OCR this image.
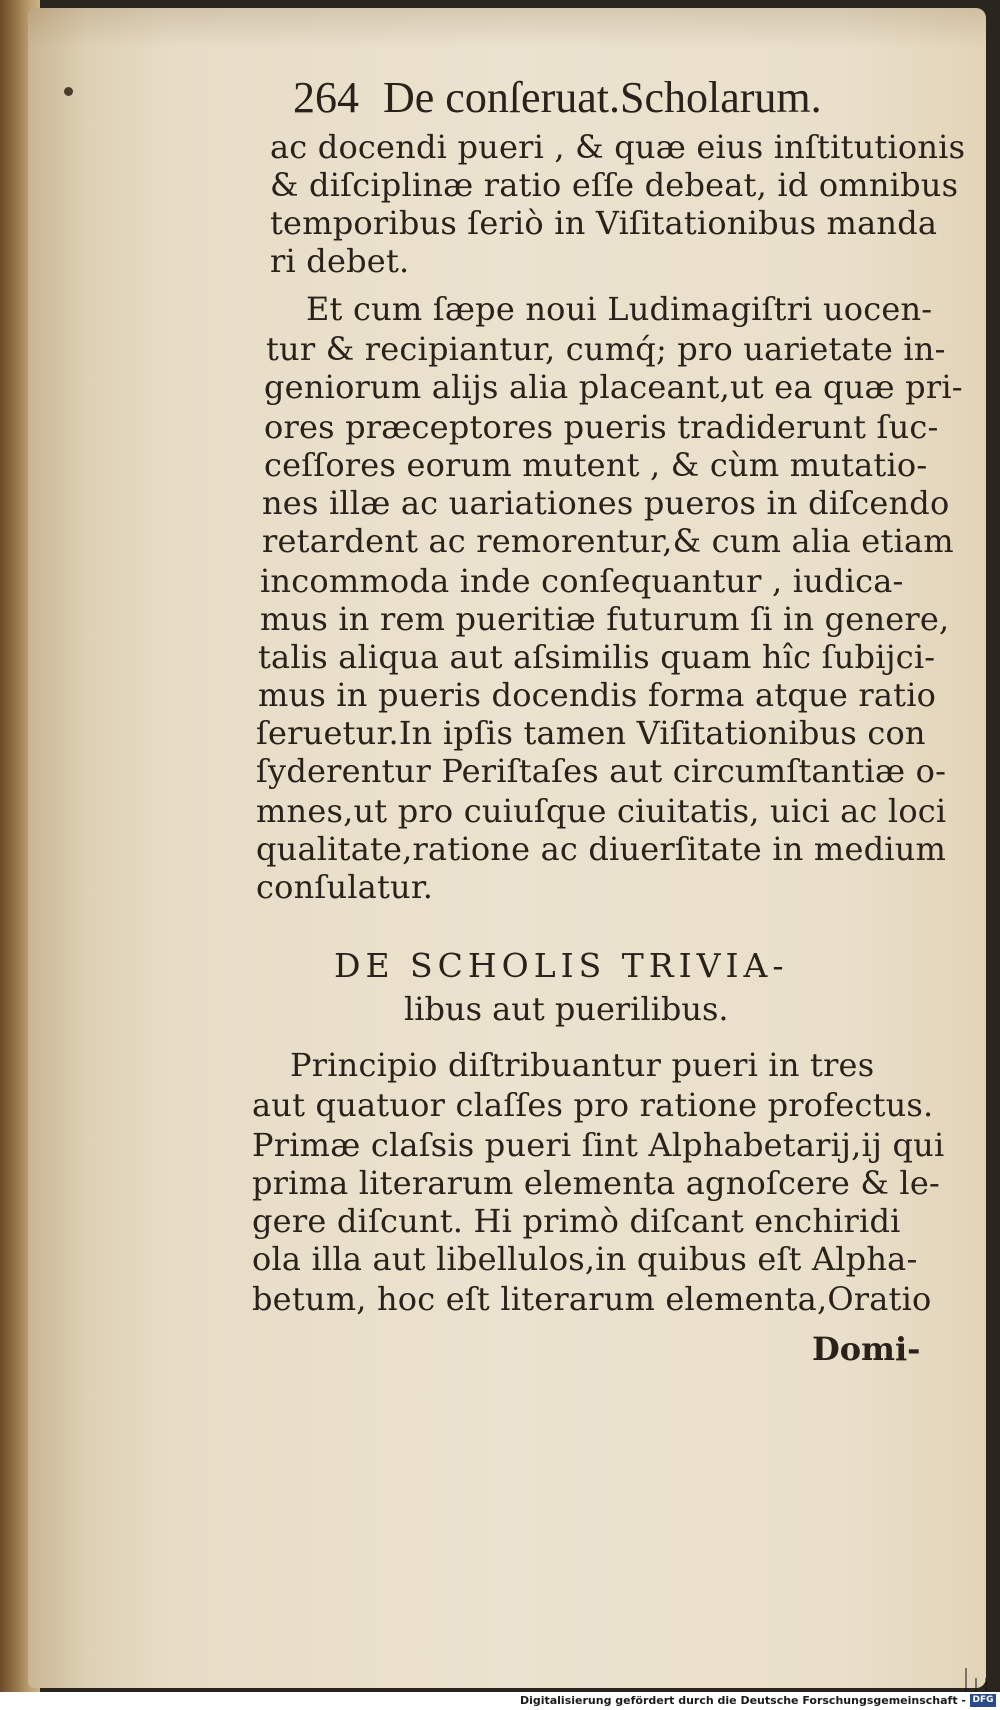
264 De conſeruat.Scholarum.
ac docendi pueri , & quæ eius inſtitutionis
& diſciplinæ ratio eſſe debeat, id omnibus
temporibus ſeriò in Viſitationibus manda
ri debet.
Et cum ſæpe noui Ludimagiſtri uocen-
tur & recipiantur, cumq́; pro uarietate in-
geniorum alijs alia placeant,ut ea quæ pri-
ores præceptores pueris tradiderunt ſuc-
ceſſores eorum mutent , & cùm mutatio-
nes illæ ac uariationes pueros in diſcendo
retardent ac remorentur,& cum alia etiam
incommoda inde conſequantur , iudica-
mus in rem pueritiæ futurum ſi in genere,
talis aliqua aut aſsimilis quam hîc ſubijci-
mus in pueris docendis forma atque ratio
ſeruetur.In ipſis tamen Viſitationibus con
ſyderentur Periſtaſes aut circumſtantiæ o-
mnes,ut pro cuiuſque ciuitatis, uici ac loci
qualitate,ratione ac diuerſitate in medium
conſulatur.
DE SCHOLIS TRIVIA-
libus aut puerilibus.
Principio diſtribuantur pueri in tres
aut quatuor claſſes pro ratione profectus.
Primæ claſsis pueri ſint Alphabetarij,ij qui
prima literarum elementa agnoſcere & le-
gere diſcunt. Hi primò diſcant enchiridi
ola illa aut libellulos,in quibus eſt Alpha-
betum, hoc eſt literarum elementa,Oratio
Domi-
Digitalisierung gefördert durch die Deutsche Forschungsgemeinschaft - DFG
